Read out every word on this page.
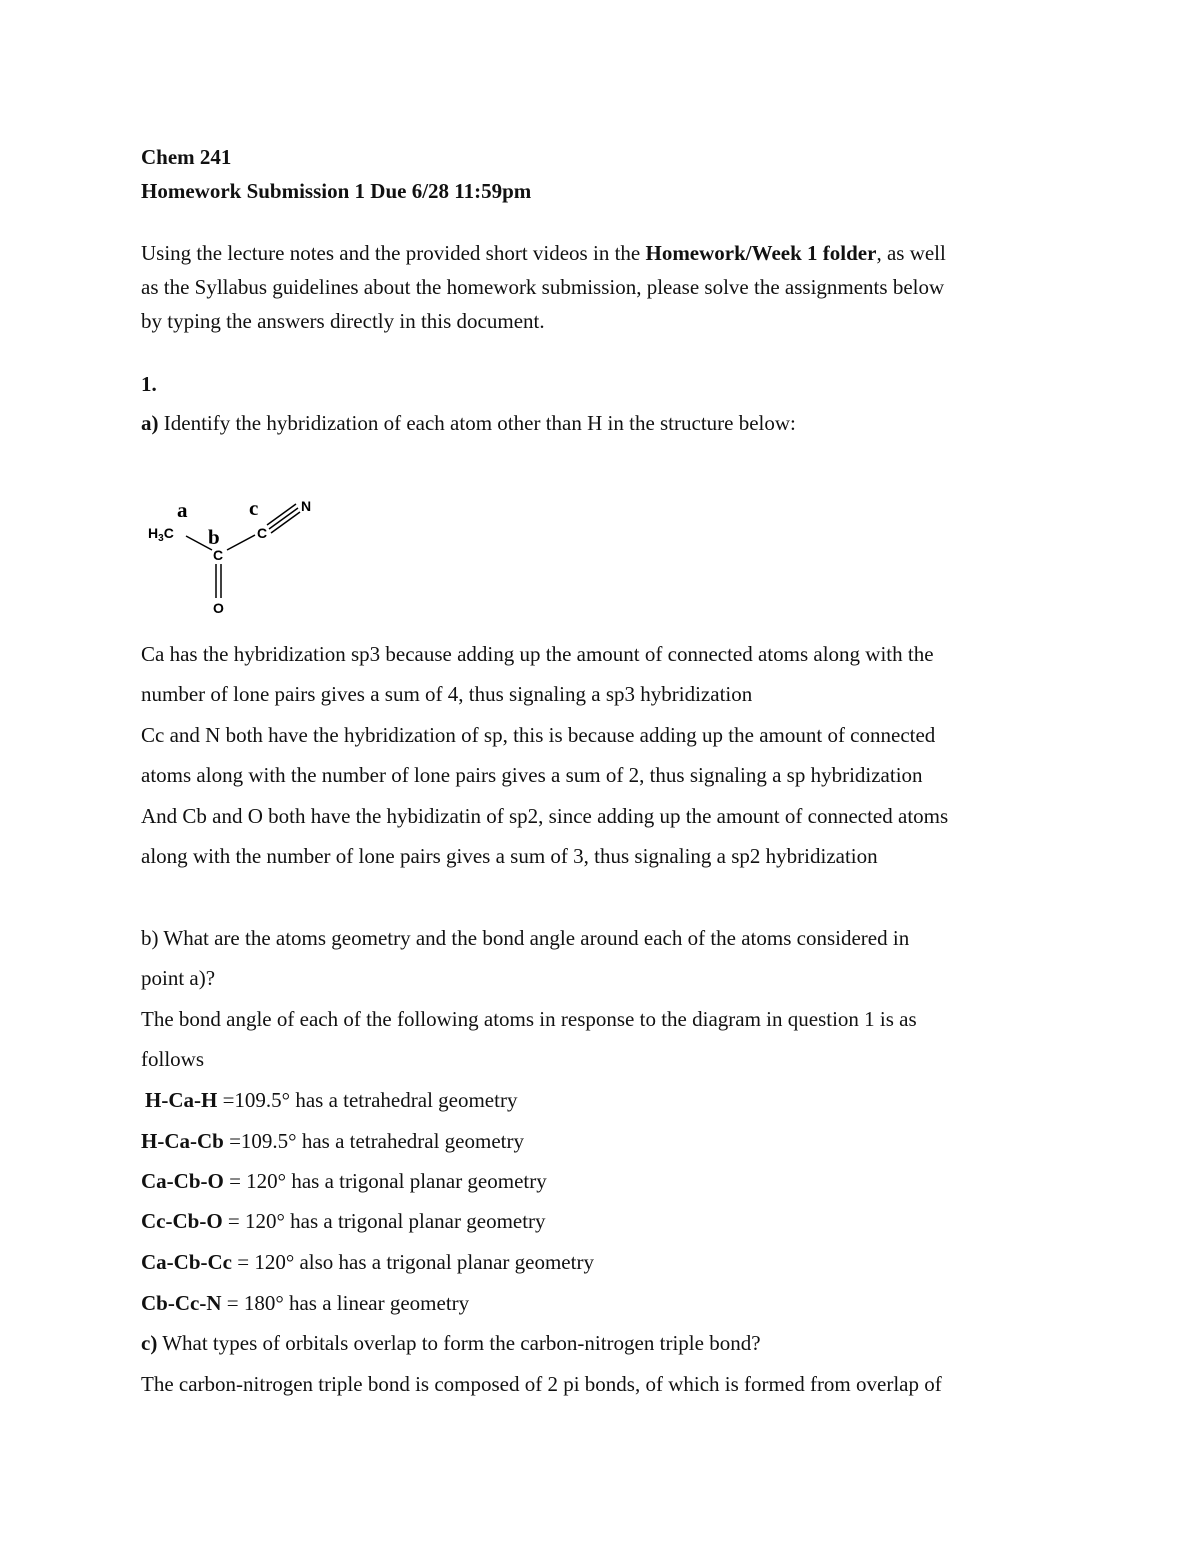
Chem 241
Homework Submission 1 Due 6/28 11:59pm
Using the lecture notes and the provided short videos in the Homework/Week 1 folder, as well
as the Syllabus guidelines about the homework submission, please solve the assignments below
by typing the answers directly in this document.
1.
a) Identify the hybridization of each atom other than H in the structure below:
a
b
c
$H_3C$
C
O
C
N
Ca has the hybridization sp3 because adding up the amount of connected atoms along with the
number of lone pairs gives a sum of 4, thus signaling a sp3 hybridization
Cc and N both have the hybridization of sp, this is because adding up the amount of connected
atoms along with the number of lone pairs gives a sum of 2, thus signaling a sp hybridization
And Cb and O both have the hybidizatin of sp2, since adding up the amount of connected atoms
along with the number of lone pairs gives a sum of 3, thus signaling a sp2 hybridization
b) What are the atoms geometry and the bond angle around each of the atoms considered in
point a)?
The bond angle of each of the following atoms in response to the diagram in question 1 is as
follows
H-Ca-H =109.5° has a tetrahedral geometry
H-Ca-Cb =109.5° has a tetrahedral geometry
Ca-Cb-O = 120° has a trigonal planar geometry
Cc-Cb-O = 120° has a trigonal planar geometry
Ca-Cb-Cc = 120° also has a trigonal planar geometry
Cb-Cc-N = 180° has a linear geometry
c) What types of orbitals overlap to form the carbon-nitrogen triple bond?
The carbon-nitrogen triple bond is composed of 2 pi bonds, of which is formed from overlap of
